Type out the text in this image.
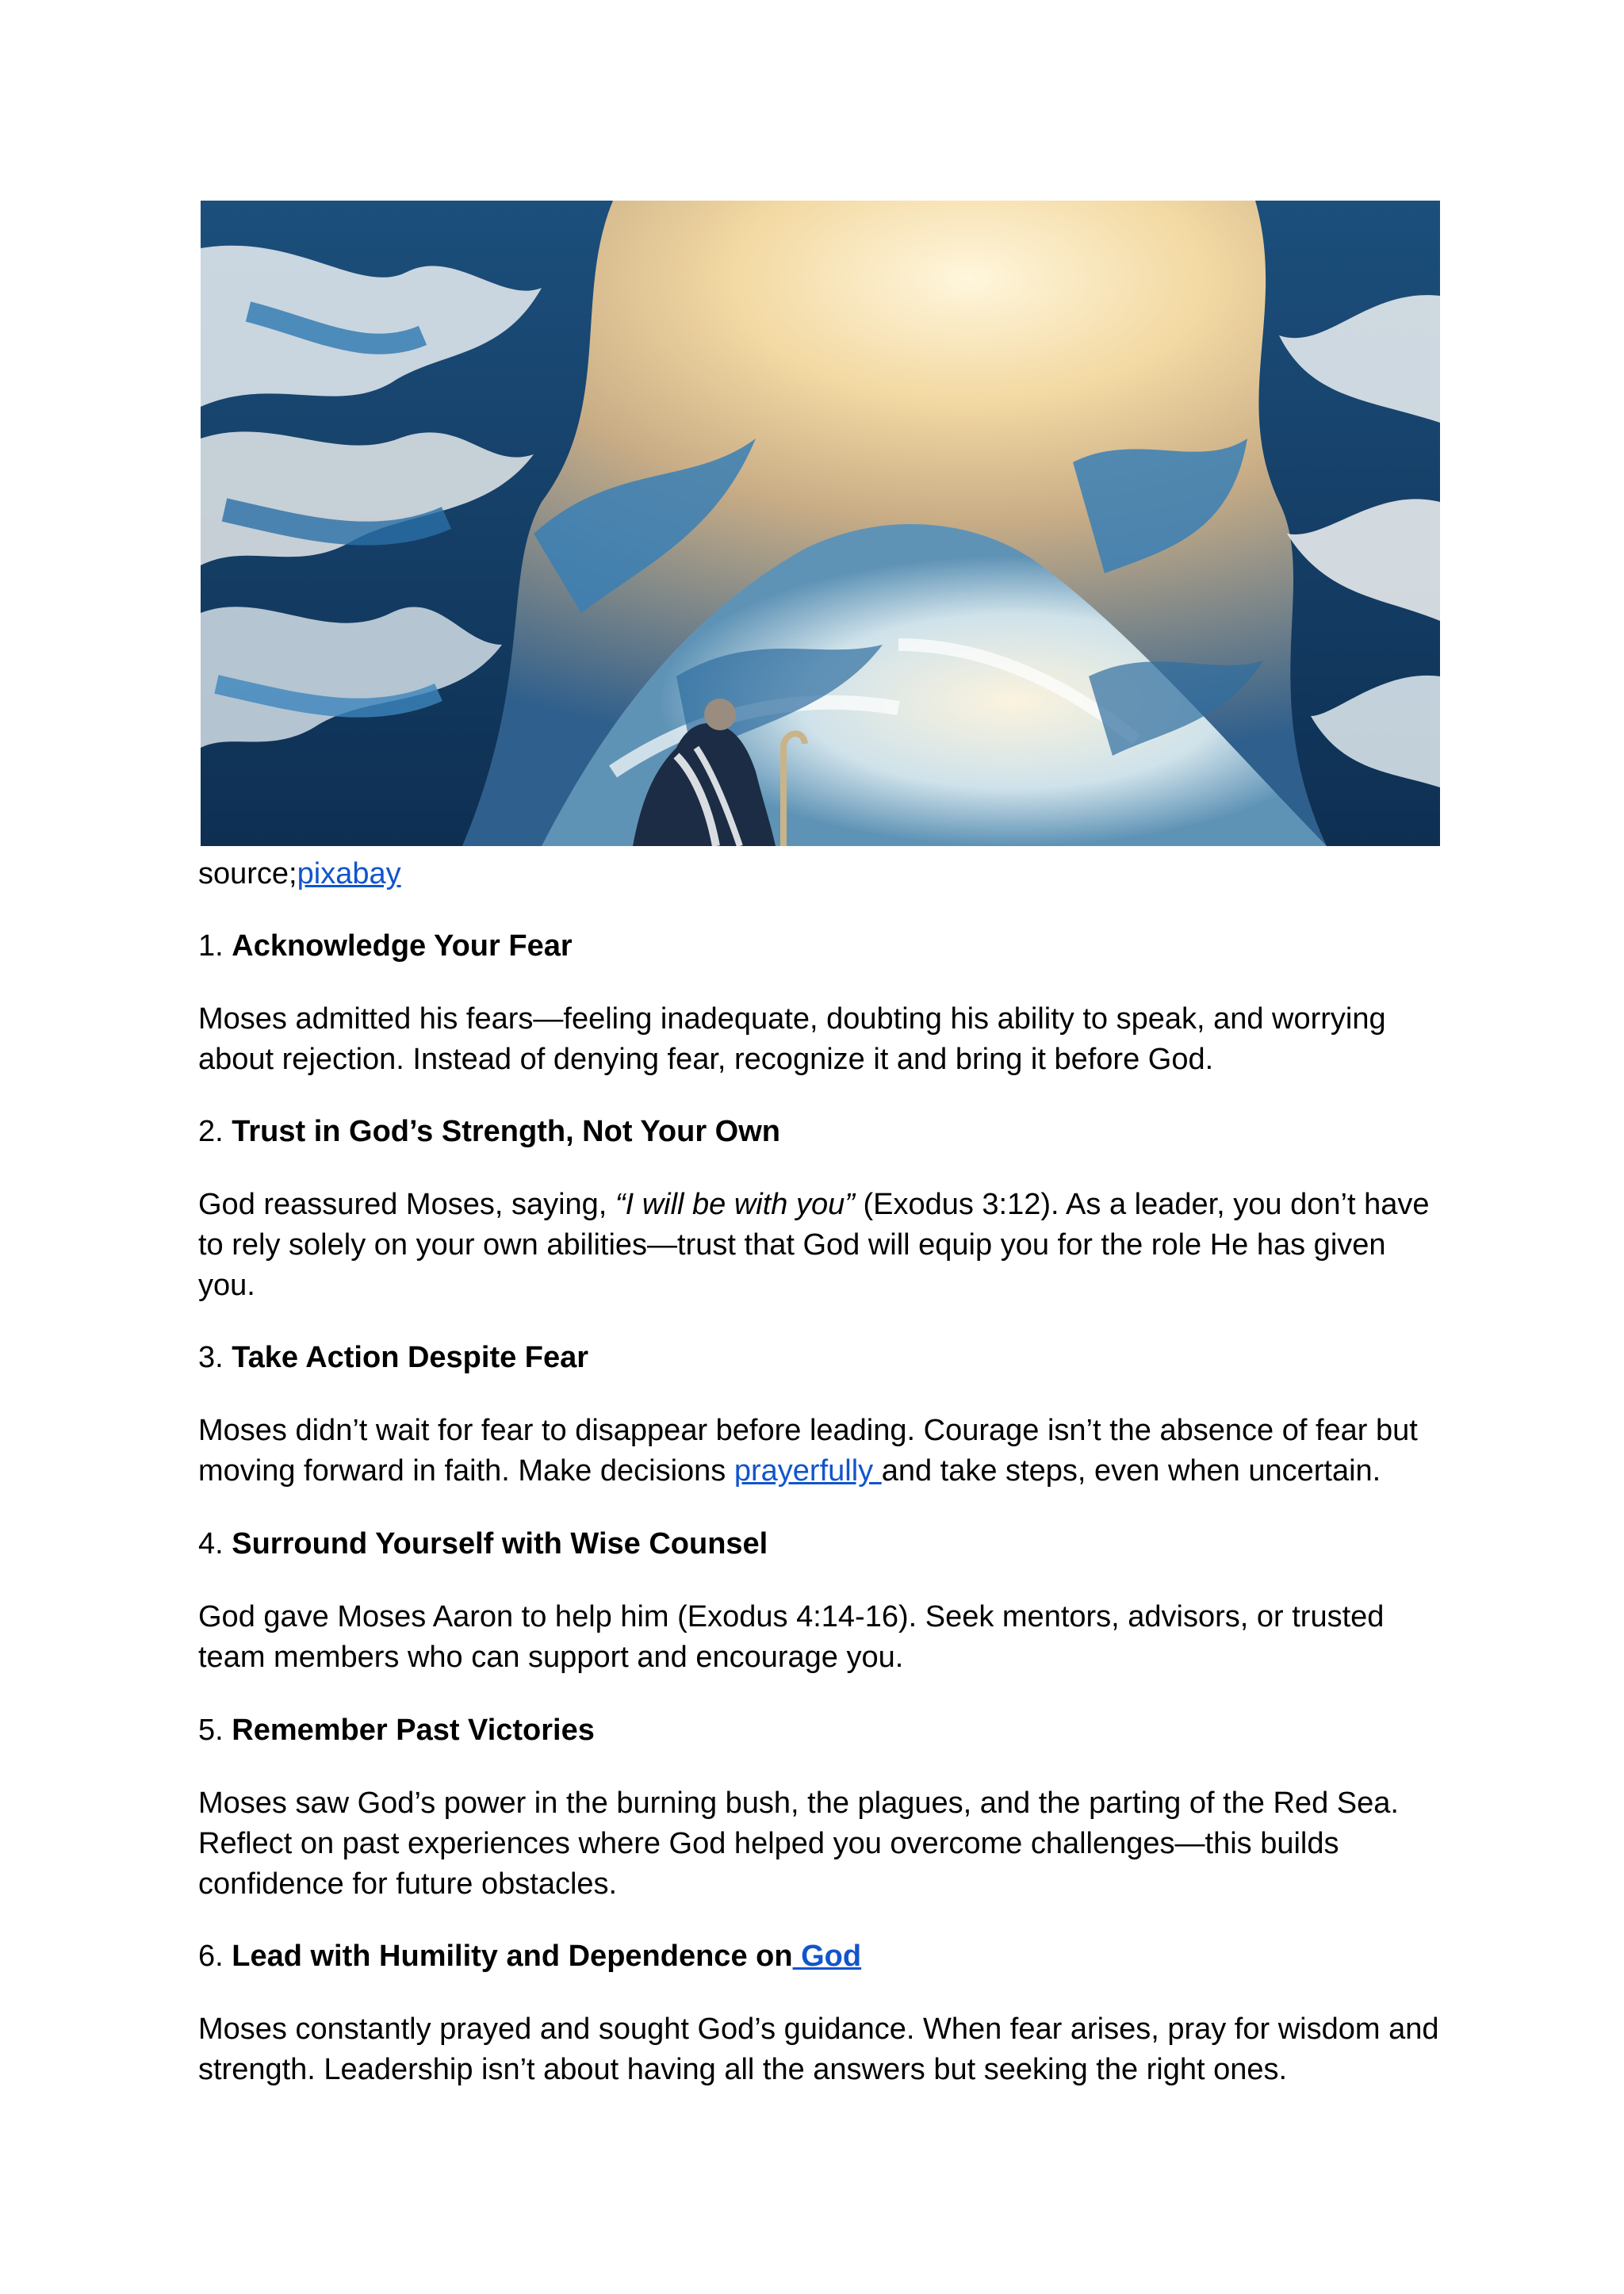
source;pixabay
1. Acknowledge Your Fear

Moses admitted his fears—feeling inadequate, doubting his ability to speak, and worrying about rejection. Instead of denying fear, recognize it and bring it before God.

2. Trust in God’s Strength, Not Your Own

God reassured Moses, saying, “I will be with you” (Exodus 3:12). As a leader, you don’t have to rely solely on your own abilities—trust that God will equip you for the role He has given you.

3. Take Action Despite Fear

Moses didn’t wait for fear to disappear before leading. Courage isn’t the absence of fear but moving forward in faith. Make decisions prayerfully and take steps, even when uncertain.

4. Surround Yourself with Wise Counsel

God gave Moses Aaron to help him (Exodus 4:14-16). Seek mentors, advisors, or trusted team members who can support and encourage you.

5. Remember Past Victories

Moses saw God’s power in the burning bush, the plagues, and the parting of the Red Sea. Reflect on past experiences where God helped you overcome challenges—this builds confidence for future obstacles.

6. Lead with Humility and Dependence on God

Moses constantly prayed and sought God’s guidance. When fear arises, pray for wisdom and strength. Leadership isn’t about having all the answers but seeking the right ones.
